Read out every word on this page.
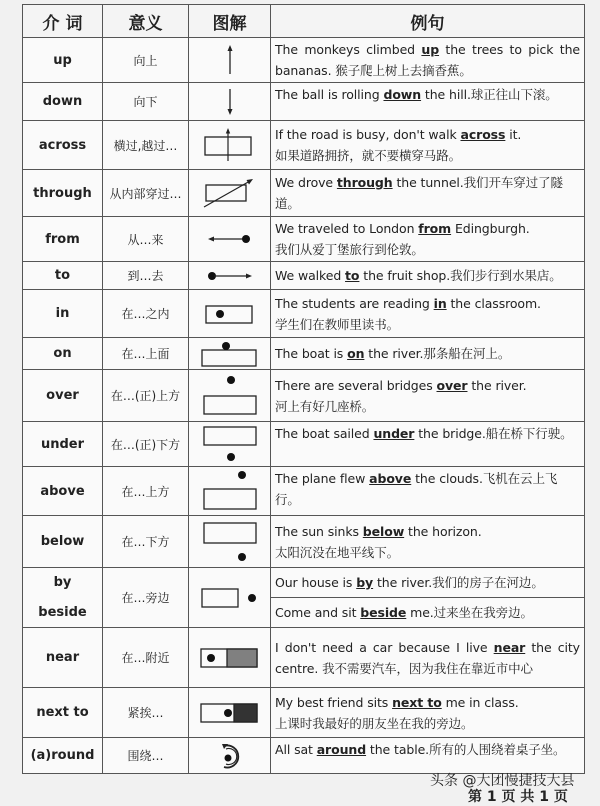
介 词	意义	图解	例句
up	向上		The monkeys climbed up the trees to pick the bananas. 猴子爬上树上去摘香蕉。
down	向下		The ball is rolling down the hill.球正往山下滚。
across	横过,越过…		If the road is busy, don't walk across it.
如果道路拥挤，就不要横穿马路。
through	从内部穿过…		We drove through the tunnel.我们开车穿过了隧道。
from	从…来		We traveled to London from Edingburgh.
我们从爱丁堡旅行到伦敦。
to	到…去		We walked to the fruit shop.我们步行到水果店。
in	在…之内		The students are reading in the classroom.
学生们在教师里读书。
on	在…上面		The boat is on the river.那条船在河上。
over	在…(正)上方		There are several bridges over the river.
河上有好几座桥。
under	在…(正)下方		The boat sailed under the bridge.船在桥下行驶。
above	在…上方		The plane flew above the clouds.飞机在云上飞行。
below	在…下方		The sun sinks below the horizon.
太阳沉没在地平线下。
by	在…旁边		Our house is by the river.我们的房子在河边。
beside			Come and sit beside me.过来坐在我旁边。
near	在…附近		I don't need a car because I live near the city centre. 我不需要汽车，因为我住在靠近市中心
next to	紧挨…		My best friend sits next to me in class.
上课时我最好的朋友坐在我的旁边。
(a)round	围绕…		All sat around the table.所有的人围绕着桌子坐。
头条 @大团慢捷技大县
第 1 页 共 1 页
